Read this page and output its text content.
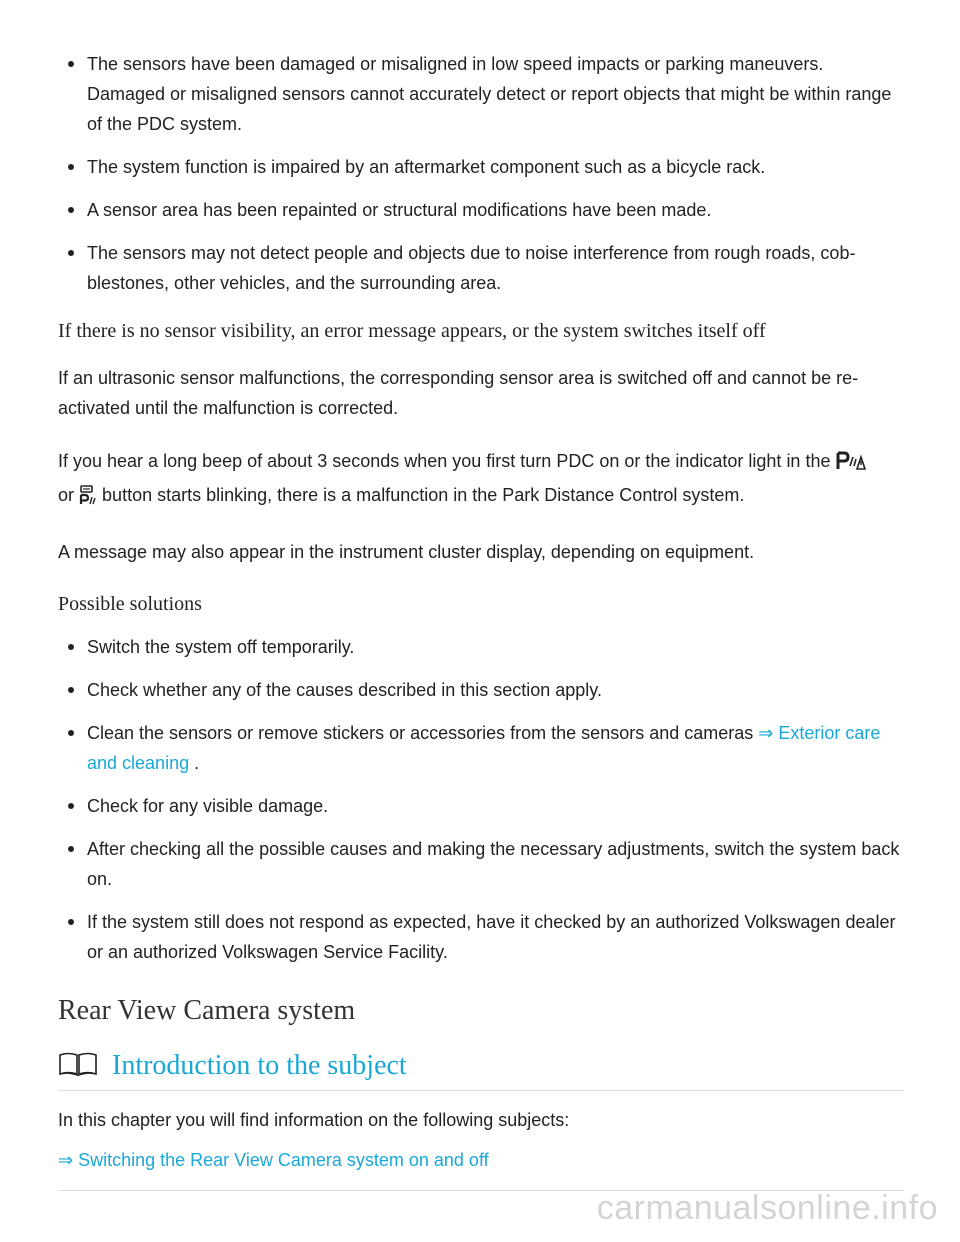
The sensors have been damaged or misaligned in low speed impacts or parking maneuvers. Damaged or misaligned sensors cannot accurately detect or report objects that might be within range of the PDC system.
The system function is impaired by an aftermarket component such as a bicycle rack.
A sensor area has been repainted or structural modifications have been made.
The sensors may not detect people and objects due to noise interference from rough roads, cobblestones, other vehicles, and the surrounding area.
If there is no sensor visibility, an error message appears, or the system switches itself off

If an ultrasonic sensor malfunctions, the corresponding sensor area is switched off and cannot be reactivated until the malfunction is corrected.

If you hear a long beep of about 3 seconds when you first turn PDC on or the indicator light in the
or button starts blinking, there is a malfunction in the Park Distance Control system.

A message may also appear in the instrument cluster display, depending on equipment.

Possible solutions
Switch the system off temporarily.
Check whether any of the causes described in this section apply.
Clean the sensors or remove stickers or accessories from the sensors and cameras ⇒ Exterior care and cleaning .
Check for any visible damage.
After checking all the possible causes and making the necessary adjustments, switch the system back on.
If the system still does not respond as expected, have it checked by an authorized Volkswagen dealer or an authorized Volkswagen Service Facility.
Rear View Camera system
Introduction to the subject

In this chapter you will find information on the following subjects:

⇒ Switching the Rear View Camera system on and off

carmanualsonline.info
